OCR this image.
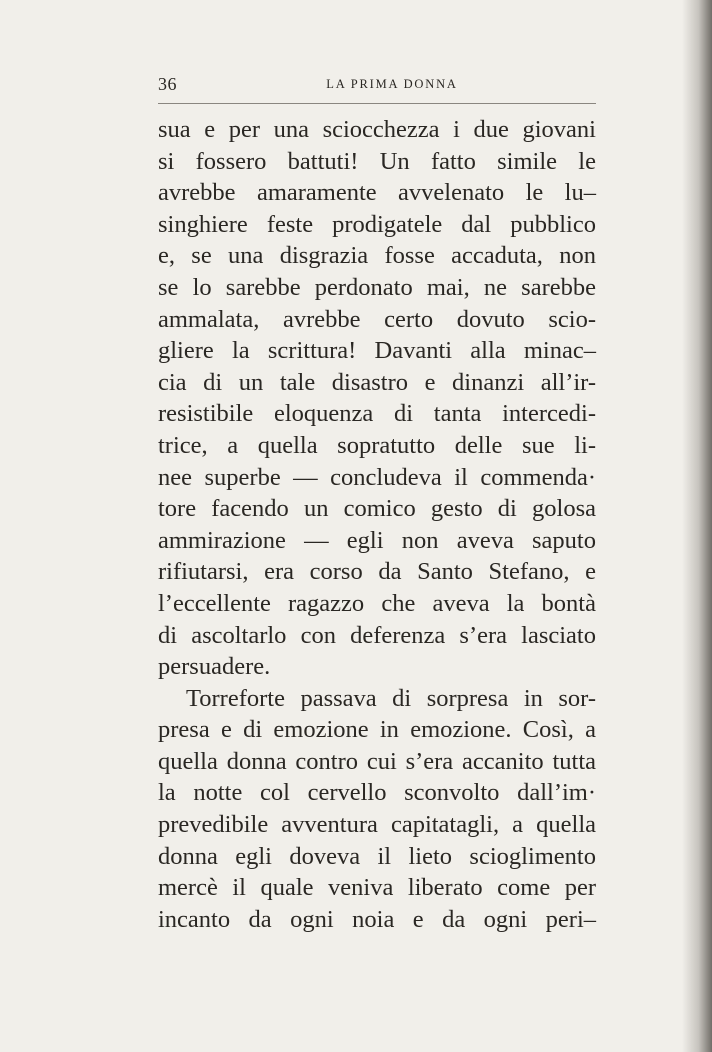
36	LA PRIMA DONNA
sua e per una sciocchezza i due giovani
si fossero battuti! Un fatto simile le
avrebbe amaramente avvelenato le lu–
singhiere feste prodigatele dal pubblico
e, se una disgrazia fosse accaduta, non
se lo sarebbe perdonato mai, ne sarebbe
ammalata, avrebbe certo dovuto scio-
gliere la scrittura! Davanti alla minac–
cia di un tale disastro e dinanzi all’ir-
resistibile eloquenza di tanta intercedi-
trice, a quella sopratutto delle sue li-
nee superbe — concludeva il commenda·
tore facendo un comico gesto di golosa
ammirazione — egli non aveva saputo
rifiutarsi, era corso da Santo Stefano, e
l’eccellente ragazzo che aveva la bontà
di ascoltarlo con deferenza s’era lasciato
persuadere.
Torreforte passava di sorpresa in sor-
presa e di emozione in emozione. Così, a
quella donna contro cui s’era accanito tutta
la notte col cervello sconvolto dall’im·
prevedibile avventura capitatagli, a quella
donna egli doveva il lieto scioglimento
mercè il quale veniva liberato come per
incanto da ogni noia e da ogni peri–
